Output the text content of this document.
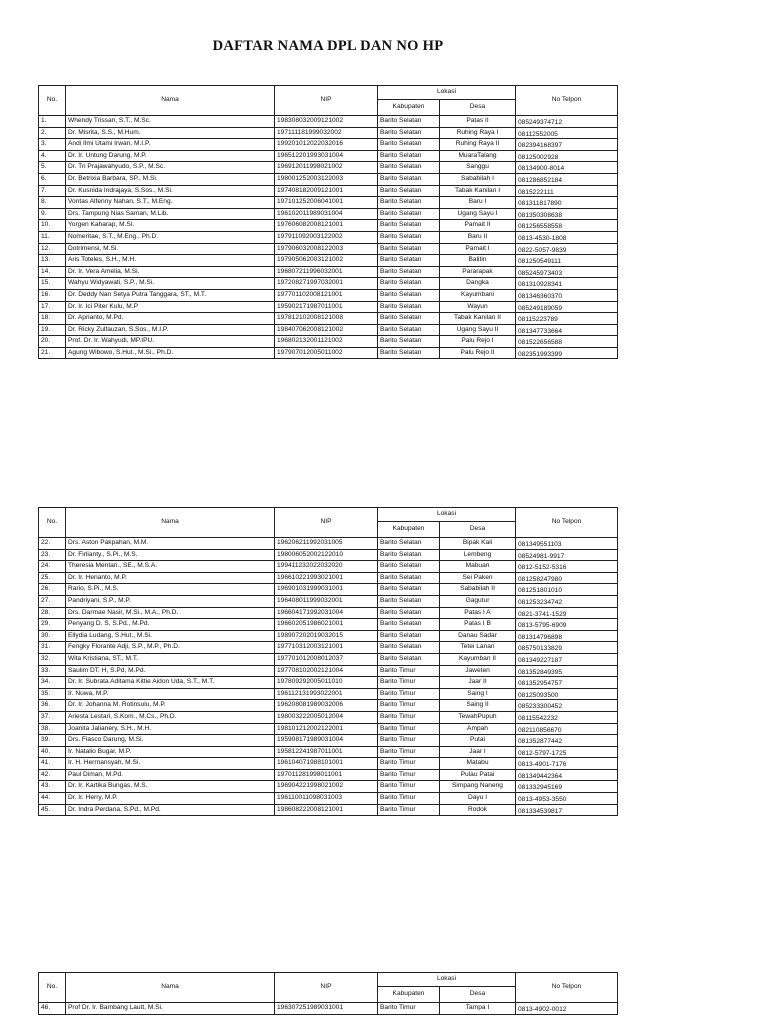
DAFTAR NAMA DPL DAN NO HP
No.	Nama	NIP	Lokasi		No Telpon
			Kabupaten	Desa	
1.	Whendy Trissan, S.T., M.Sc.	198308032009121002	Barito Selatan	Patas II	085249374712
2.	Dr. Misrita, S.S., M.Hum.	197111181999032002	Barito Selatan	Ruhing Raya I	08112552005
3.	Andi Ilmi Utami Irwan, M.I.P.	199201012022032016	Barito Selatan	Ruhing Raya II	082394168397
4.	Dr. Ir. Untung Darung, M.P.	196512201993031004	Barito Selatan	MuaraTalang	08125002928
5.	Dr. Tri Prajawahyudo, S.P., M.Sc.	196912011998021002	Barito Selatan	Sanggu	08134900-8014
6.	Dr. Betrixia Barbara, SP., M.Si.	198001252003122003	Barito Selatan	Sababilah I	081286852184
7.	Dr. Kusnida Indrajaya, S.Sos., M.Si.	197408182009121001	Barito Selatan	Tabak Kanilan I	0815222111
8.	Vontas Alfenny Nahan, S.T., M.Eng.	197101252006041001	Barito Selatan	Baru I	081311817890
9.	Drs. Tampung Nias Saman, M.Lib.	196102011989031004	Barito Selatan	Ugang Sayu I	081350308638
10.	Yorgen Kaharap, M.Si.	197606082008121001	Barito Selatan	Pamait II	081256558558
11.	Nomeritae, S.T., M.Eng., Ph.D.	197911092003122002	Barito Selatan	Baru II	0813-4530-1808
12.	Dotrimensi, M.Si.	197906032008122003	Barito Selatan	Pamait I	0822-5057-9839
13.	Aris Toteles, S.H., M.H.	197905062003121002	Barito Selatan	Balitin	081250549111
14.	Dr. Ir. Vera Amelia, M.Si.	196807211996032001	Barito Selatan	Pararapak	085245973403
15.	Wahyu Widyawati, S.P., M.Si.	197208271997032001	Barito Selatan	Dangka	081310928341
16.	Dr. Deddy Nan Setya Putra Tanggara, ST., M.T.	197701102008121001	Barito Selatan	Kayumbani	081346360370
17.	Dr. Ir. Ici Piter Kulu, M.P	195902171987011001	Barito Selatan	Wayun	085249189059
18.	Dr. Aprianto, M.Pd.	197812102008121008	Barito Selatan	Tabak Kanilan II	08115223789
19.	Dr. Ricky Zulfauzan, S.Sos., M.I.P.	198407062008121002	Barito Selatan	Ugang Sayu II	081347733664
20.	Prof. Dr. Ir. Wahyudi, MP.IPU.	196802132001121002	Barito Selatan	Palu Rejo I	081522656588
21.	Agung Wibowo, S.Hut., M.Si., Ph.D.	197907012005011002	Barito Selatan	Palu Rejo II	082351993399
No.	Nama	NIP	Lokasi		No Telpon
			Kabupaten	Desa	
22.	Drs. Aston Pakpahan, M.M.	196206211992031005	Barito Selatan	Bipak Kali	081349551103
23.	Dr. Firlianty., S.Pi., M.S.	198006052002122010	Barito Selatan	Lembeng	08524981-9917
24.	Theresia Mentari., SE., M.S.A.	199411232022032020	Barito Selatan	Mabuan	0812-5152-5316
25.	Dr. Ir. Herianto, M.P.	196610221993021001	Barito Selatan	Sei Paken	081258247980
26.	Rario, S.Pi., M.S.	196901031999031001	Barito Selatan	Sababilah II	081251801010
27.	Pandriyani, S.P., M.P.	196408011999032001	Barito Selatan	Gagutur	081253234742
28.	Drs. Darmae Nasir, M.Si., M.A., Ph.D.	196604171992031004	Barito Selatan	Patas I A	0821-3741-1529
29.	Penyang D. S, S.Pd., M.Pd.	196602051986021001	Barito Selatan	Patas I B	0813-5795-6909
30.	Ellydia Ludang, S.Hut., M.Si.	198907202019032015	Barito Selatan	Danau Sadar	081314796898
31.	Fengky Florante Adji, S.P., M.P., Ph.D.	197710312003121001	Barito Selatan	Tetei Lanan	085750133829
32.	Wita Kristiana, ST., M.T.	197701012008012037	Barito Selatan	Kayumban II	081349227187
33.	Saulim DT. H, S.Pd, M.Pd.	197708102002121004	Barito Timur	Jaweten	081352849395
34.	Dr. Ir. Subrata Aditama Kittie Aidon Uda, S.T., M.T.	197809292005011010	Barito Timur	Jaar II	081352954757
35.	Ir. Nuwa, M.P.	196112131993022001	Barito Timur	Saing I	08125093500
36.	Dr. Ir. Johanna M. Rotinsulu, M.P.	196208081989032006	Barito Timur	Saing II	085233300452
37.	Ariesta Lestari, S.Kom., M.Cs., Ph.D.	198003222005012004	Barito Timur	TewahPupuh	08115542232
38.	Joanita Jalianery, S.H., M.H.	198101212002122001	Barito Timur	Ampah	082110856670
39.	Drs. Fiasco Darung, M.Si.	195908171989031004	Barito Timur	Putai	081352877442
40.	Ir. Natalio Bugar, M.P.	195812241987011001	Barito Timur	Jaar I	0812-5797-1725
41.	Ir. H. Herrnansyah, M.Si.	196104071988101001	Barito Timur	Matabu	0813-4901-7176
42.	Paul Diman, M.Pd.	197011281998011001	Barito Timur	Pulau Patai	081349442364
43.	Dr. Ir. Kartika Bungas, M.S.	196904221998021002	Barito Timur	Simpang Naneng	081332945169
44.	Dr. Ir. Herry, M.P.	196110011098031003	Barito Timur	Dayu I	0813-4953-3550
45.	Dr. Indra Perdana, S.Pd., M.Pd.	198608222008121001	Barito Timur	Rodok	081334539817
No.	Nama	NIP	Lokasi		No Telpon
			Kabupaten	Desa	
46.	Prof Dr. Ir. Bambang Lautt, M.Si.	196307251989031001	Barito Timur	Tampa I	0813-4902-0012
